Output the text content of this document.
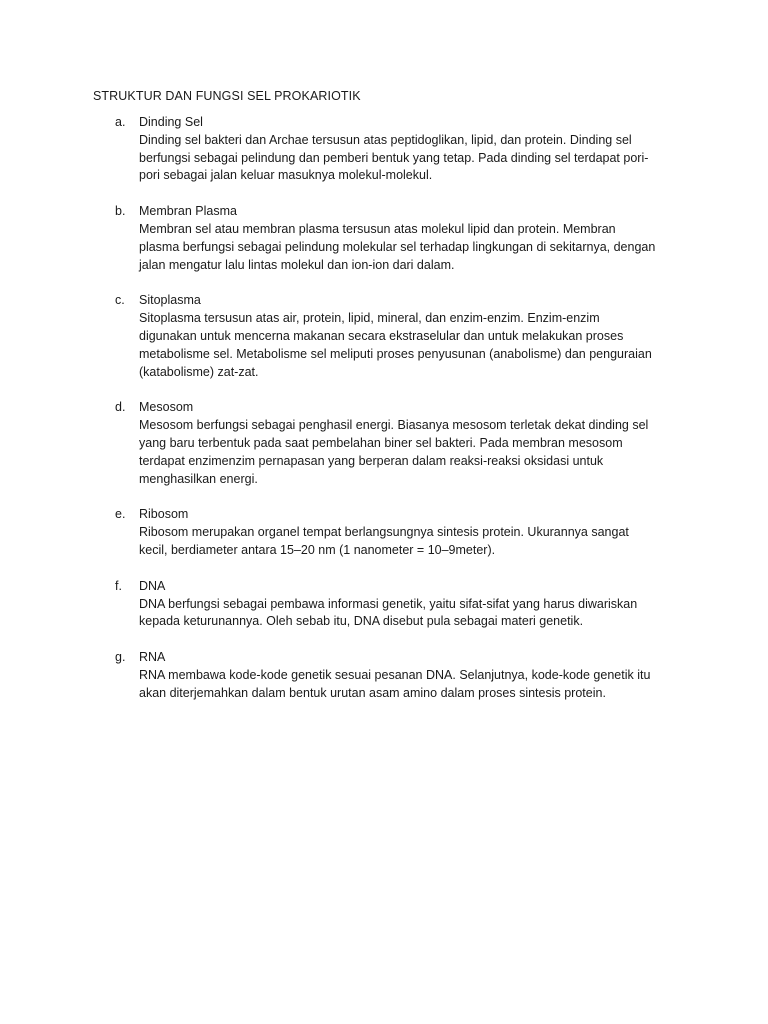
STRUKTUR DAN FUNGSI SEL PROKARIOTIK
a. Dinding Sel
Dinding sel bakteri dan Archae tersusun atas peptidoglikan, lipid, dan protein. Dinding sel
berfungsi sebagai pelindung dan pemberi bentuk yang tetap. Pada dinding sel terdapat pori-
pori sebagai jalan keluar masuknya molekul-molekul.
b. Membran Plasma
Membran sel atau membran plasma tersusun atas molekul lipid dan protein. Membran
plasma berfungsi sebagai pelindung molekular sel terhadap lingkungan di sekitarnya, dengan
jalan mengatur lalu lintas molekul dan ion-ion dari dalam.
c. Sitoplasma
Sitoplasma tersusun atas air, protein, lipid, mineral, dan enzim-enzim. Enzim-enzim
digunakan untuk mencerna makanan secara ekstraselular dan untuk melakukan proses
metabolisme sel. Metabolisme sel meliputi proses penyusunan (anabolisme) dan penguraian
(katabolisme) zat-zat.
d. Mesosom
Mesosom berfungsi sebagai penghasil energi. Biasanya mesosom terletak dekat dinding sel
yang baru terbentuk pada saat pembelahan biner sel bakteri. Pada membran mesosom
terdapat enzimenzim pernapasan yang berperan dalam reaksi-reaksi oksidasi untuk
menghasilkan energi.
e. Ribosom
Ribosom merupakan organel tempat berlangsungnya sintesis protein. Ukurannya sangat
kecil, berdiameter antara 15–20 nm (1 nanometer = 10–9meter).
f. DNA
DNA berfungsi sebagai pembawa informasi genetik, yaitu sifat-sifat yang harus diwariskan
kepada keturunannya. Oleh sebab itu, DNA disebut pula sebagai materi genetik.
g. RNA
RNA membawa kode-kode genetik sesuai pesanan DNA. Selanjutnya, kode-kode genetik itu
akan diterjemahkan dalam bentuk urutan asam amino dalam proses sintesis protein.
